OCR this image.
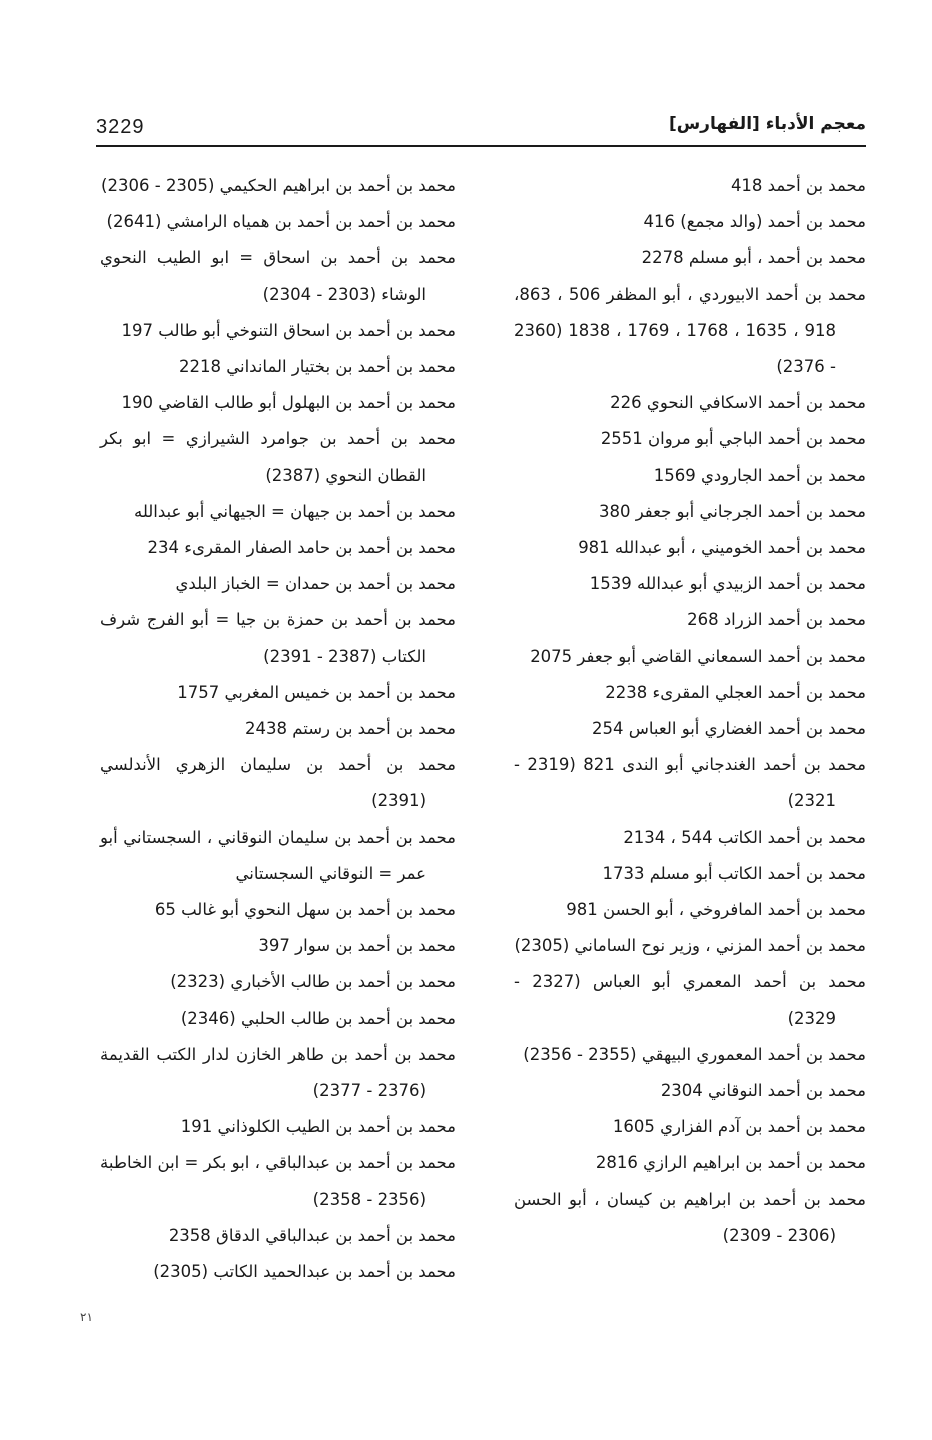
3229	معجم الأدباء [الفهارس]

محمد بن أحمد 418

محمد بن أحمد (والد مجمع) 416

محمد بن أحمد ، أبو مسلم 2278

محمد بن أحمد الابيوردي ، أبو المظفر 506 ، 863، 918 ، 1635 ، 1768 ، 1769 ، 1838 (2360 - 2376)

محمد بن أحمد الاسكافي النحوي 226

محمد بن أحمد الباجي أبو مروان 2551

محمد بن أحمد الجارودي 1569

محمد بن أحمد الجرجاني أبو جعفر 380

محمد بن أحمد الخوميني ، أبو عبدالله 981

محمد بن أحمد الزبيدي أبو عبدالله 1539

محمد بن أحمد الزراد 268

محمد بن أحمد السمعاني القاضي أبو جعفر 2075

محمد بن أحمد العجلي المقرىء 2238

محمد بن أحمد الغضاري أبو العباس 254

محمد بن أحمد الغندجاني أبو الندى 821 (2319 - 2321)

محمد بن أحمد الكاتب 544 ، 2134

محمد بن أحمد الكاتب أبو مسلم 1733

محمد بن أحمد المافروخي ، أبو الحسن 981

محمد بن أحمد المزني ، وزير نوح الساماني (2305)

محمد بن أحمد المعمري أبو العباس (2327 - 2329)

محمد بن أحمد المعموري البيهقي (2355 - 2356)

محمد بن أحمد النوقاني 2304

محمد بن أحمد بن آدم الفزاري 1605

محمد بن أحمد بن ابراهيم الرازي 2816

محمد بن أحمد بن ابراهيم بن كيسان ، أبو الحسن (2306 - 2309)

محمد بن أحمد بن ابراهيم الحكيمي (2305 - 2306)

محمد بن أحمد بن أحمد بن همياه الرامشي (2641)

محمد بن أحمد بن اسحاق = ابو الطيب النحوي الوشاء (2303 - 2304)

محمد بن أحمد بن اسحاق التنوخي أبو طالب 197

محمد بن أحمد بن بختيار المانداني 2218

محمد بن أحمد بن البهلول أبو طالب القاضي 190

محمد بن أحمد بن جوامرد الشيرازي = ابو بكر القطان النحوي (2387)

محمد بن أحمد بن جيهان = الجيهاني أبو عبدالله

محمد بن أحمد بن حامد الصفار المقرىء 234

محمد بن أحمد بن حمدان = الخباز البلدي

محمد بن أحمد بن حمزة بن جيا = أبو الفرج شرف الكتاب (2387 - 2391)

محمد بن أحمد بن خميس المغربي 1757

محمد بن أحمد بن رستم 2438

محمد بن أحمد بن سليمان الزهري الأندلسي (2391)

محمد بن أحمد بن سليمان النوقاني ، السجستاني أبو عمر = النوقاني السجستاني

محمد بن أحمد بن سهل النحوي أبو غالب 65

محمد بن أحمد بن سوار 397

محمد بن أحمد بن طالب الأخباري (2323)

محمد بن أحمد بن طالب الحلبي (2346)

محمد بن أحمد بن طاهر الخازن لدار الكتب القديمة (2376 - 2377)

محمد بن أحمد بن الطيب الكلوذاني 191

محمد بن أحمد بن عبدالباقي ، ابو بكر = ابن الخاطبة (2356 - 2358)

محمد بن أحمد بن عبدالباقي الدقاق 2358

محمد بن أحمد بن عبدالحميد الكاتب (2305)

٢١
